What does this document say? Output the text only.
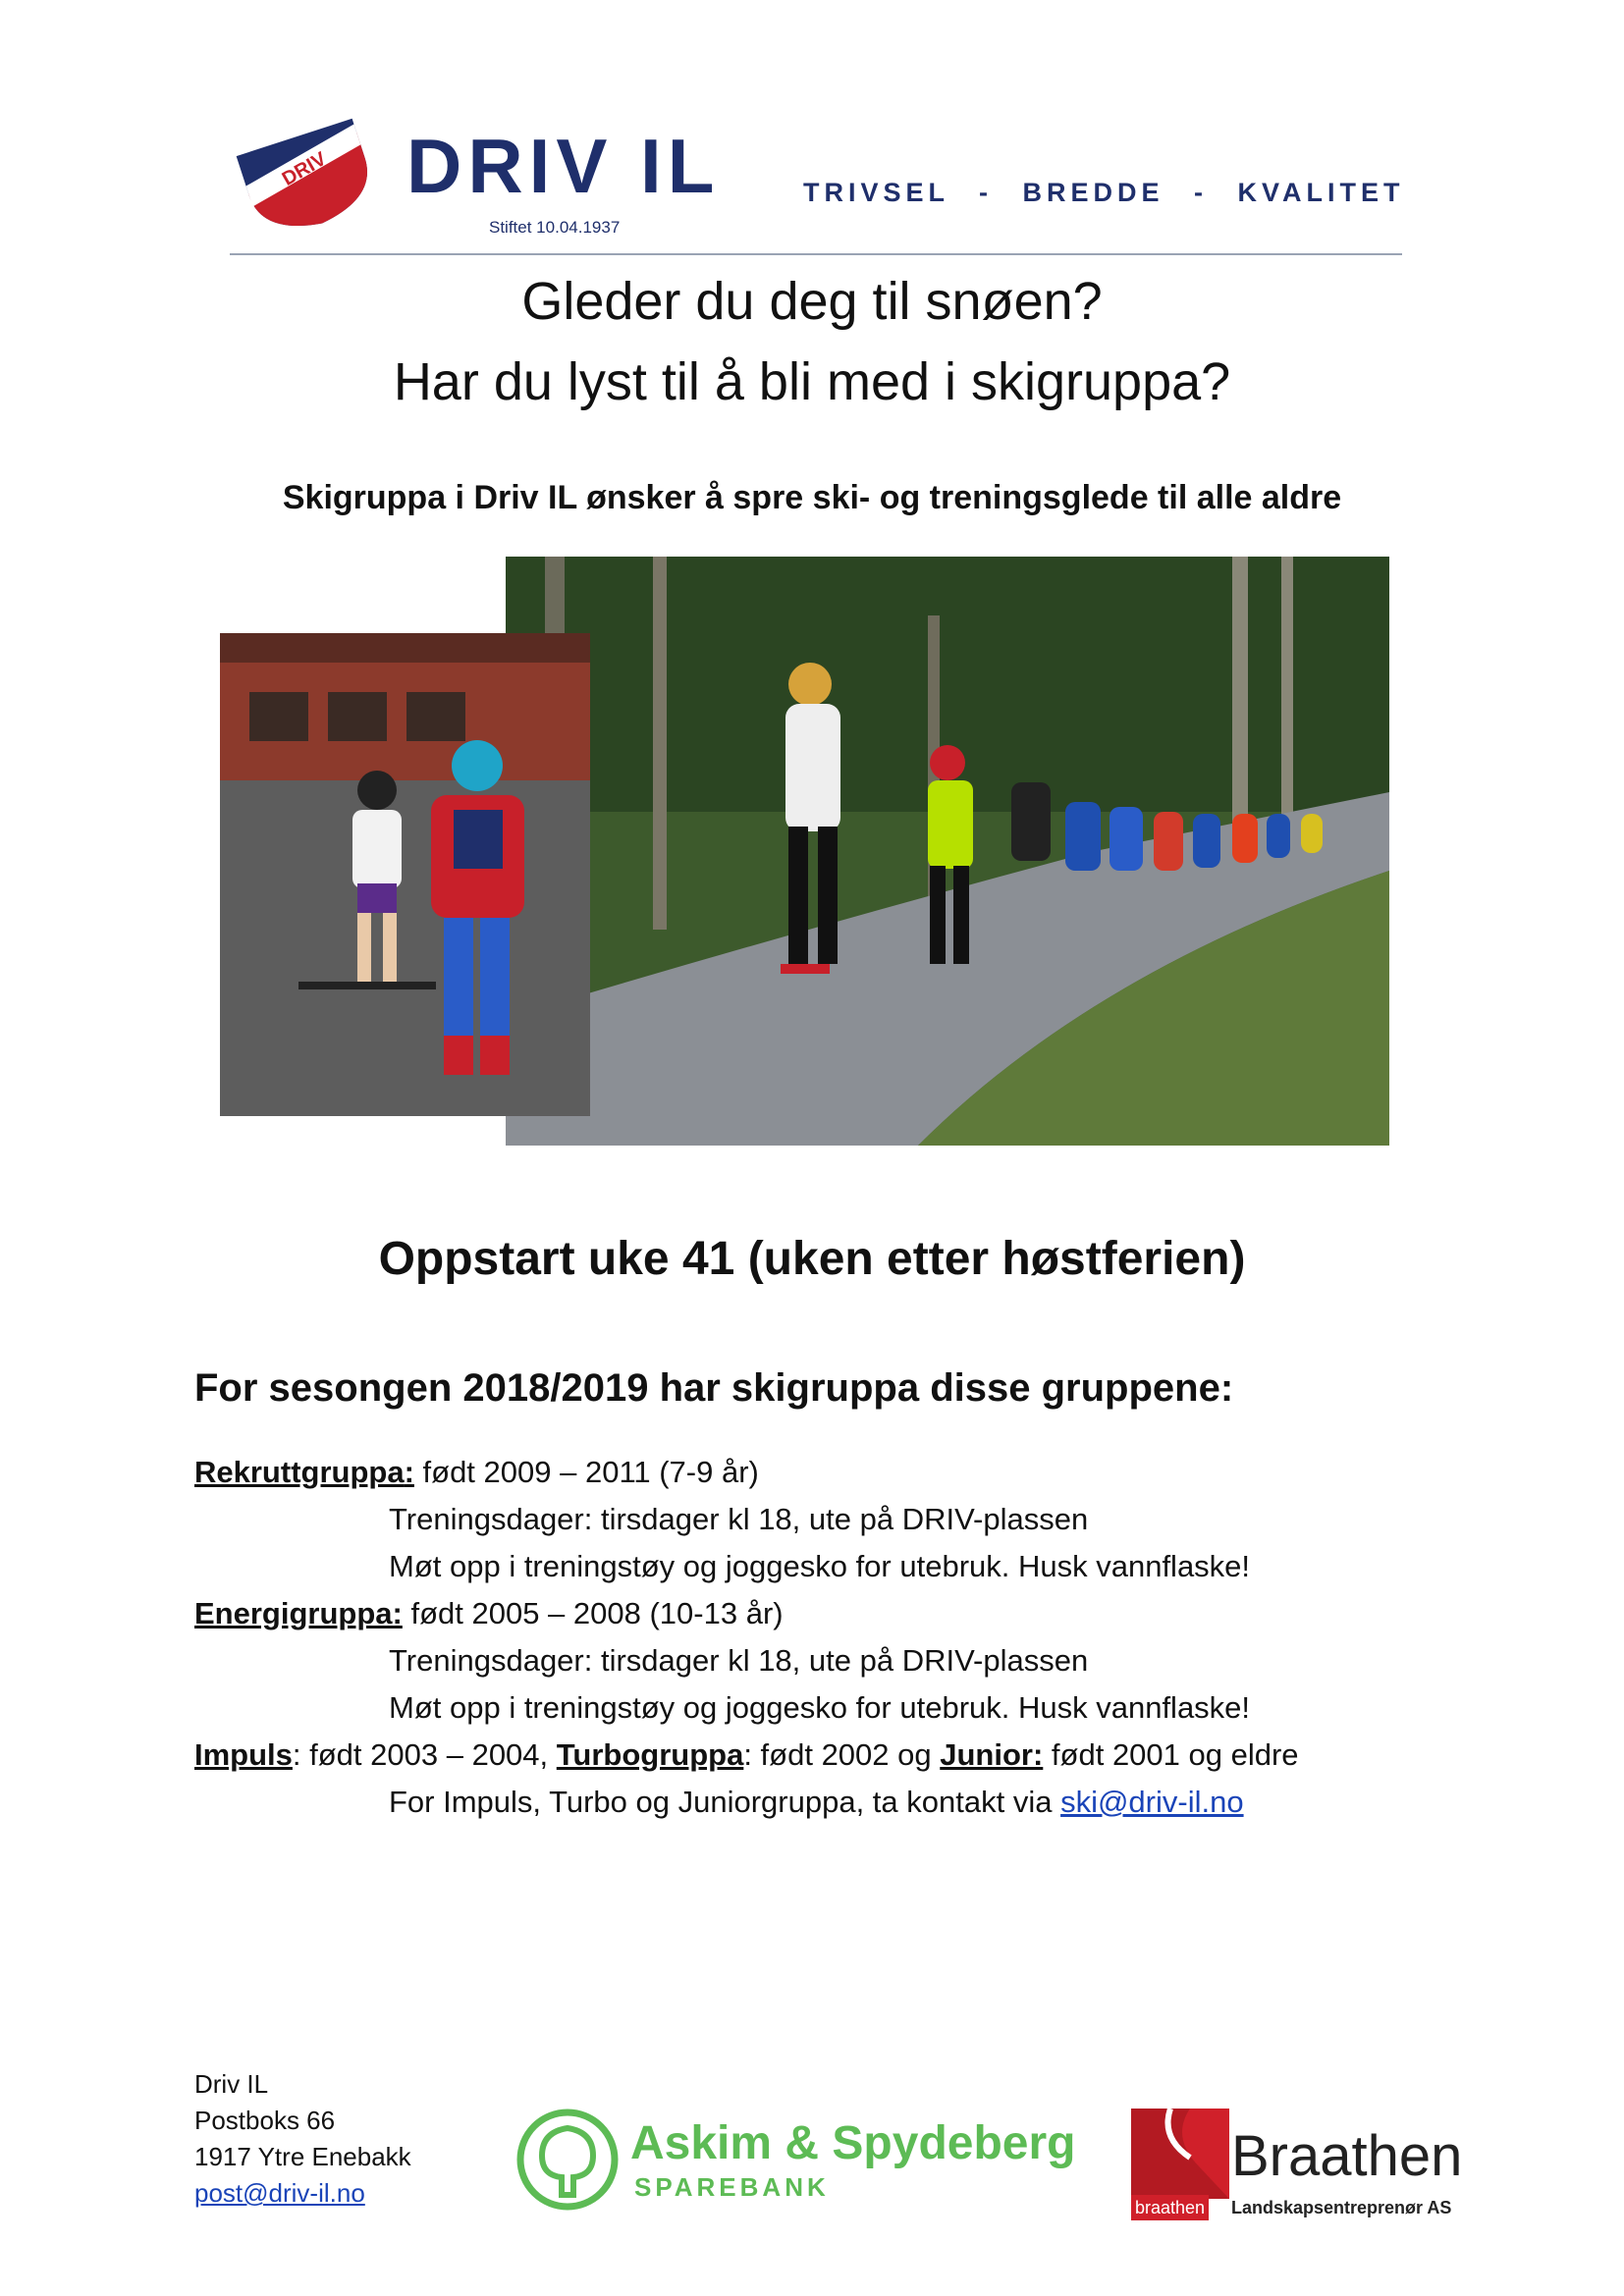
DRIV DRIV IL
Stiftet 10.04.1937
TRIVSEL - BREDDE - KVALITET
Gleder du deg til snøen?
Har du lyst til å bli med i skigruppa?
Skigruppa i Driv IL ønsker å spre ski- og treningsglede til alle aldre
Oppstart uke 41 (uken etter høstferien)
For sesongen 2018/2019 har skigruppa disse gruppene:
Rekruttgruppa: født 2009 – 2011 (7-9 år)
Treningsdager: tirsdager kl 18, ute på DRIV-plassen
Møt opp i treningstøy og joggesko for utebruk. Husk vannflaske!
Energigruppa: født 2005 – 2008 (10-13 år)
Treningsdager: tirsdager kl 18, ute på DRIV-plassen
Møt opp i treningstøy og joggesko for utebruk. Husk vannflaske!
Impuls: født 2003 – 2004, Turbogruppa: født 2002 og Junior: født 2001 og eldre
For Impuls, Turbo og Juniorgruppa, ta kontakt via ski@driv-il.no
Driv IL
Postboks 66
1917 Ytre Enebakk
post@driv-il.no
Askim & Spydeberg
SPAREBANK	Braathen
braathen Landskapsentreprenør AS
